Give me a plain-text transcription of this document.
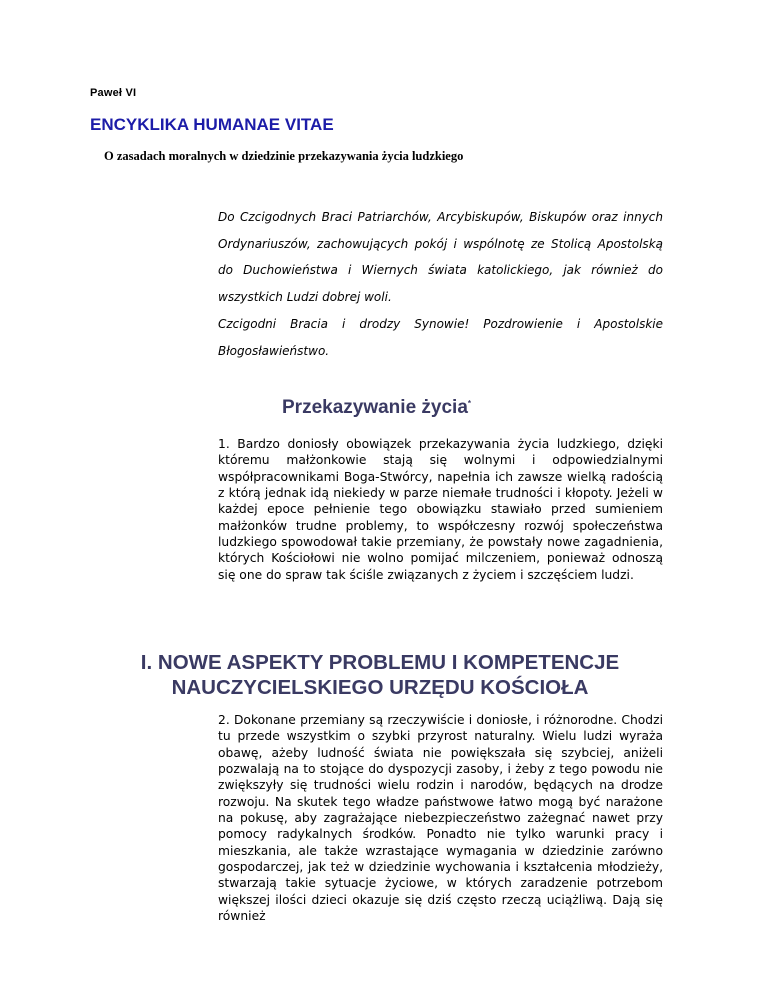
Paweł VI
ENCYKLIKA HUMANAE VITAE
O zasadach moralnych w dziedzinie przekazywania życia ludzkiego

Do Czcigodnych Braci Patriarchów, Arcybiskupów, Biskupów oraz innych Ordynariuszów, zachowujących pokój i wspólnotę ze Stolicą Apostolską do Duchowieństwa i Wiernych świata katolickiego, jak również do wszystkich Ludzi dobrej woli.

Czcigodni Bracia i drodzy Synowie! Pozdrowienie i Apostolskie Błogosławieństwo.

Przekazywanie życia*

1. Bardzo doniosły obowiązek przekazywania życia ludzkiego, dzięki któremu małżonkowie stają się wolnymi i odpowiedzialnymi współpracownikami Boga-Stwórcy, napełnia ich zawsze wielką radością z którą jednak idą niekiedy w parze niemałe trudności i kłopoty. Jeżeli w każdej epoce pełnienie tego obowiązku stawiało przed sumieniem małżonków trudne problemy, to współczesny rozwój społeczeństwa ludzkiego spowodował takie przemiany, że powstały nowe zagadnienia, których Kościołowi nie wolno pomijać milczeniem, ponieważ odnoszą się one do spraw tak ściśle związanych z życiem i szczęściem ludzi.

I. NOWE ASPEKTY PROBLEMU I KOMPETENCJE
NAUCZYCIELSKIEGO URZĘDU KOŚCIOŁA

2. Dokonane przemiany są rzeczywiście i doniosłe, i różnorodne. Chodzi tu przede wszystkim o szybki przyrost naturalny. Wielu ludzi wyraża obawę, ażeby ludność świata nie powiększała się szybciej, aniżeli pozwalają na to stojące do dyspozycji zasoby, i żeby z tego powodu nie zwiększyły się trudności wielu rodzin i narodów, będących na drodze rozwoju. Na skutek tego władze państwowe łatwo mogą być narażone na pokusę, aby zagrażające niebezpieczeństwo zażegnać nawet przy pomocy radykalnych środków. Ponadto nie tylko warunki pracy i mieszkania, ale także wzrastające wymagania w dziedzinie zarówno gospodarczej, jak też w dziedzinie wychowania i kształcenia młodzieży, stwarzają takie sytuacje życiowe, w których zaradzenie potrzebom większej ilości dzieci okazuje się dziś często rzeczą uciążliwą. Dają się również
